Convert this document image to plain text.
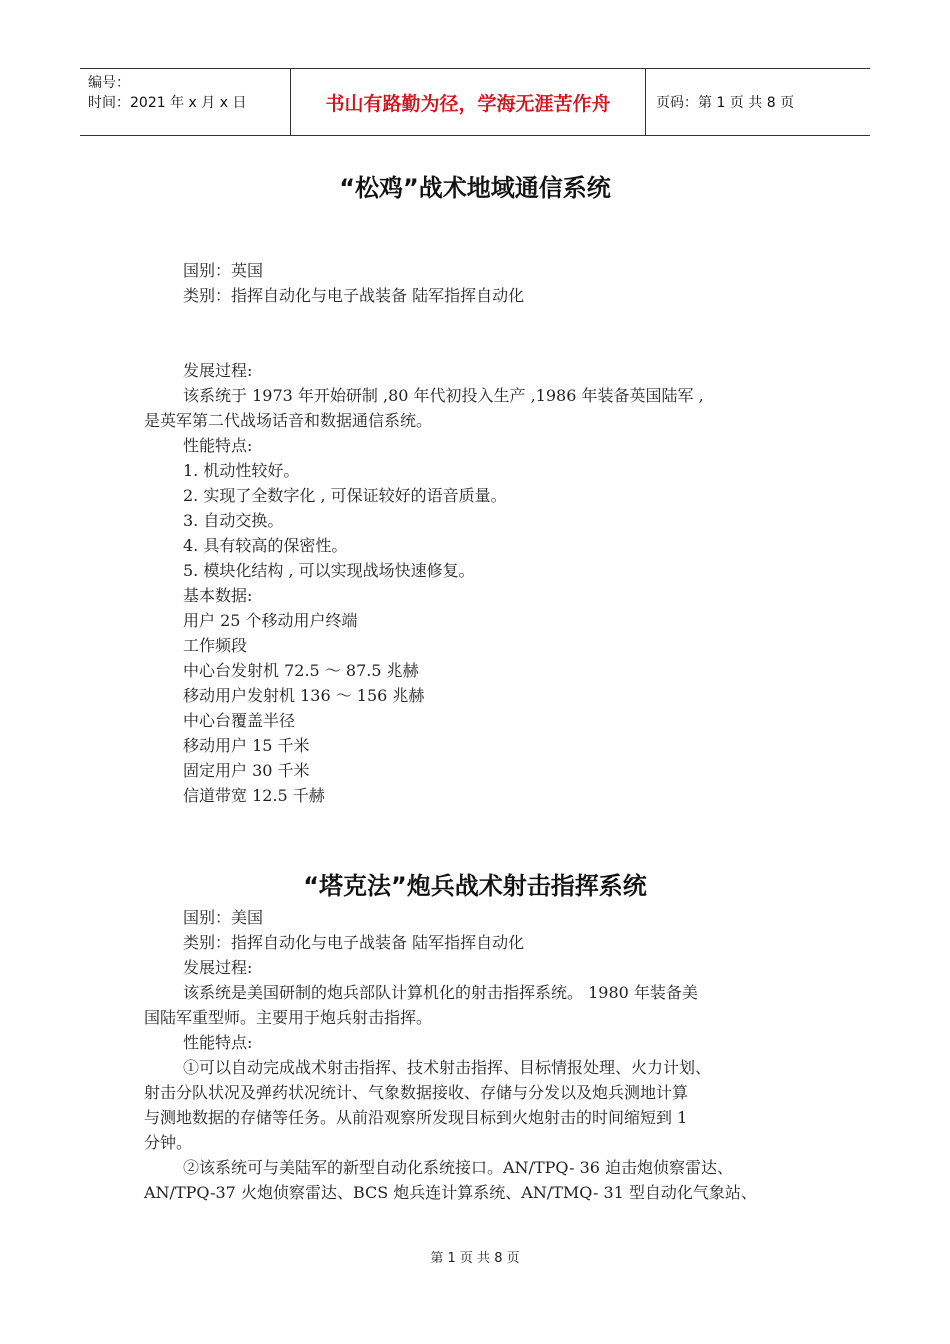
编号：
时间：2021 年 x 月 x 日	书山有路勤为径，学海无涯苦作舟	页码：第 1 页 共 8 页
“松鸡”战术地域通信系统
国别：英国
类别：指挥自动化与电子战装备 陆军指挥自动化
发展过程:
该系统于 1973 年开始研制 ,80 年代初投入生产 ,1986 年装备英国陆军 ,
是英军第二代战场话音和数据通信系统。
性能特点:
1. 机动性较好。
2. 实现了全数字化 , 可保证较好的语音质量。
3. 自动交换。
4. 具有较高的保密性。
5. 模块化结构 , 可以实现战场快速修复。
基本数据:
用户 25 个移动用户终端
工作频段
中心台发射机 72.5 ～ 87.5 兆赫
移动用户发射机 136 ～ 156 兆赫
中心台覆盖半径
移动用户 15 千米
固定用户 30 千米
信道带宽 12.5 千赫
“塔克法”炮兵战术射击指挥系统
国别：美国
类别：指挥自动化与电子战装备 陆军指挥自动化
发展过程:
该系统是美国研制的炮兵部队计算机化的射击指挥系统。 1980 年装备美
国陆军重型师。主要用于炮兵射击指挥。
性能特点:
①可以自动完成战术射击指挥、技术射击指挥、目标情报处理、火力计划、
射击分队状况及弹药状况统计、气象数据接收、存储与分发以及炮兵测地计算
与测地数据的存储等任务。从前沿观察所发现目标到火炮射击的时间缩短到 1
分钟。
②该系统可与美陆军的新型自动化系统接口。AN/TPQ- 36 迫击炮侦察雷达、
AN/TPQ-37 火炮侦察雷达、BCS 炮兵连计算系统、AN/TMQ- 31 型自动化气象站、
第 1 页 共 8 页
